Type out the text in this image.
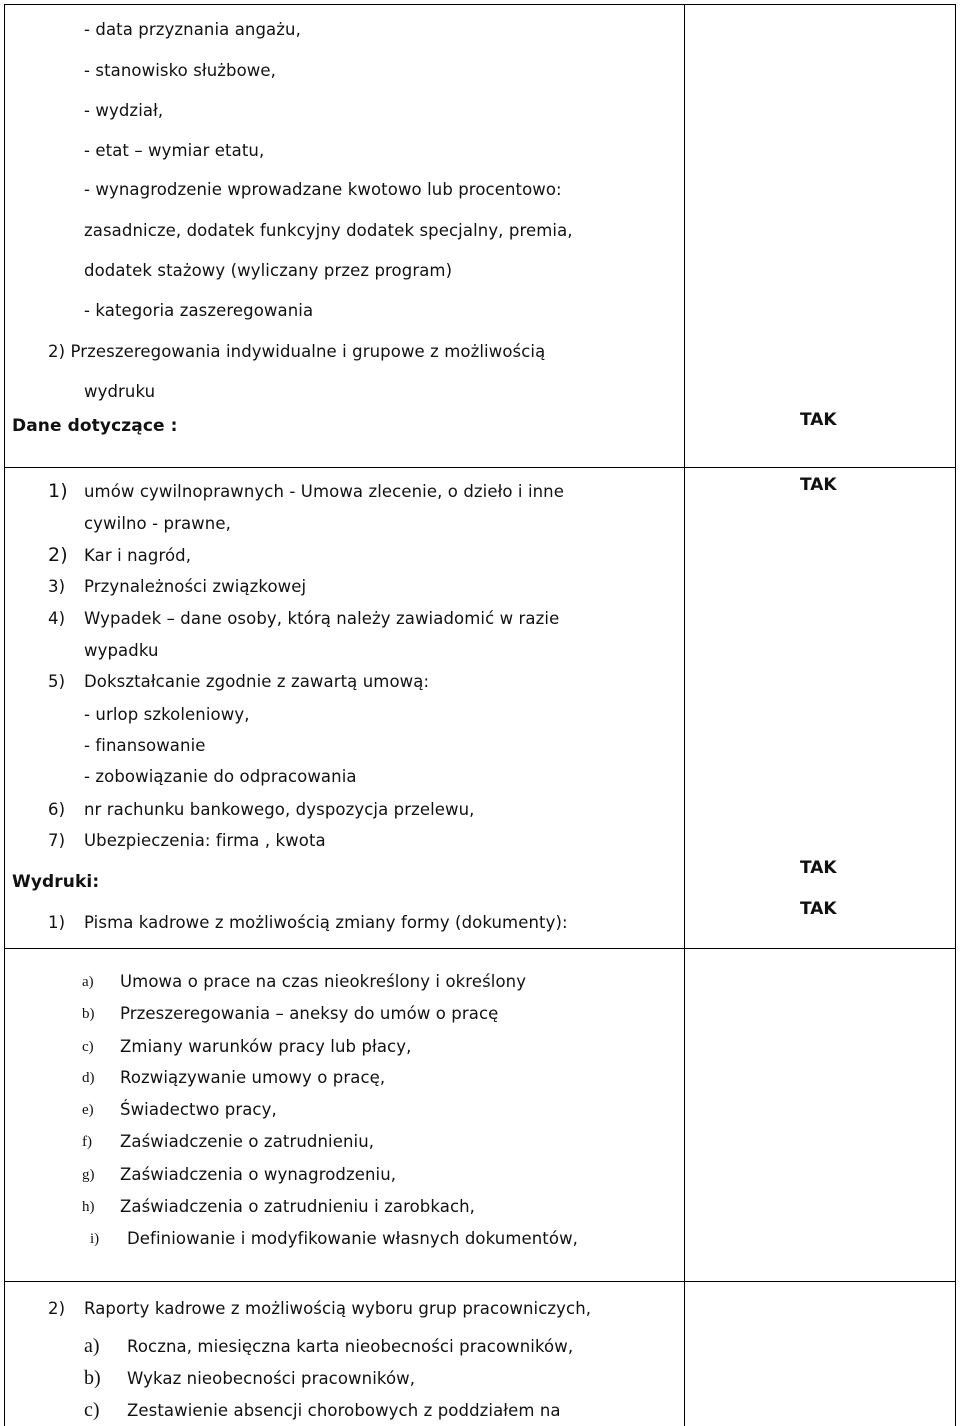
- data przyznania angażu,
- stanowisko służbowe,
- wydział,
- etat – wymiar etatu,
- wynagrodzenie wprowadzane kwotowo lub procentowo:
zasadnicze, dodatek funkcyjny dodatek specjalny, premia,
dodatek stażowy (wyliczany przez program)
- kategoria zaszeregowania
2) Przeszeregowania indywidualne i grupowe z możliwością
wydruku
Dane dotyczące :
1) umów cywilnoprawnych - Umowa zlecenie, o dzieło i inne
cywilno - prawne,
2) Kar i nagród,
3) Przynależności związkowej
4) Wypadek – dane osoby, którą należy zawiadomić w razie
wypadku
5) Dokształcanie zgodnie z zawartą umową:
- urlop szkoleniowy,
- finansowanie
- zobowiązanie do odpracowania
6) nr rachunku bankowego, dyspozycja przelewu,
7) Ubezpieczenia: firma , kwota
Wydruki:
1) Pisma kadrowe z możliwością zmiany formy (dokumenty):
a) Umowa o prace na czas nieokreślony i określony
b) Przeszeregowania – aneksy do umów o pracę
c) Zmiany warunków pracy lub płacy,
d) Rozwiązywanie umowy o pracę,
e) Świadectwo pracy,
f) Zaświadczenie o zatrudnieniu,
g) Zaświadczenia o wynagrodzeniu,
h) Zaświadczenia o zatrudnieniu i zarobkach,
i) Definiowanie i modyfikowanie własnych dokumentów,
2) Raporty kadrowe z możliwością wyboru grup pracowniczych,
a) Roczna, miesięczna karta nieobecności pracowników,
b) Wykaz nieobecności pracowników,
c) Zestawienie absencji chorobowych z poddziałem na
TAK
TAK
TAK
TAK
